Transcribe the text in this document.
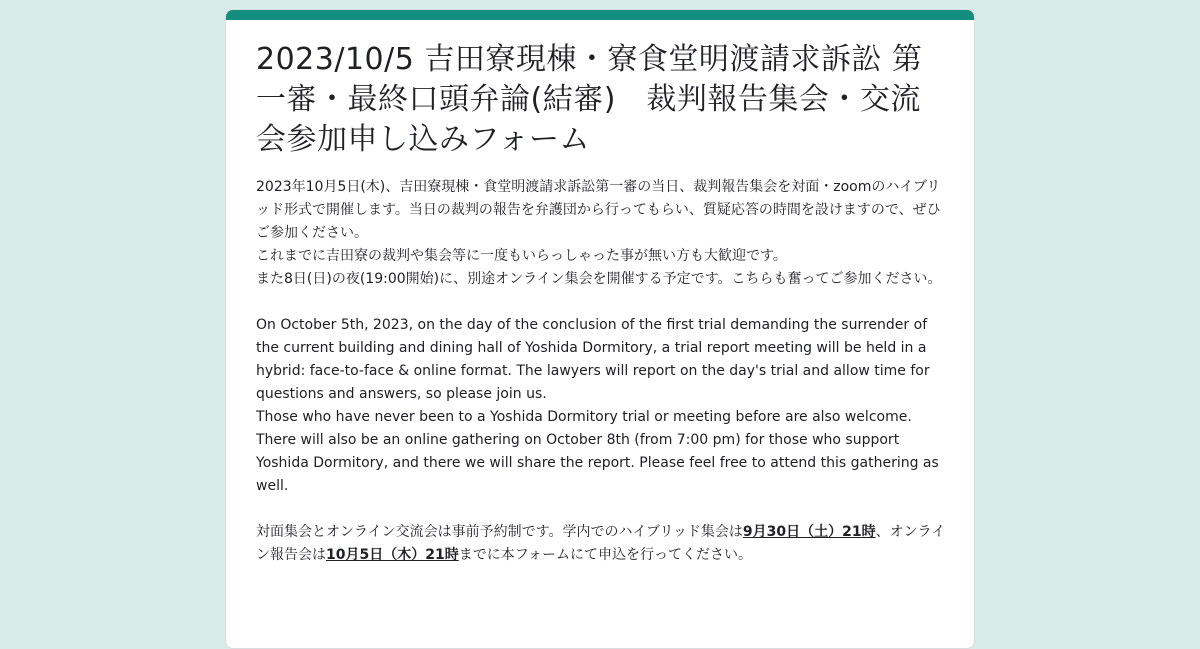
2023/10/5 吉田寮現棟・寮食堂明渡請求訴訟 第一審・最終口頭弁論(結審)　裁判報告集会・交流会参加申し込みフォーム

2023年10月5日(木)、吉田寮現棟・食堂明渡請求訴訟第一審の当日、裁判報告集会を対面・zoomのハイブリッド形式で開催します。当日の裁判の報告を弁護団から行ってもらい、質疑応答の時間を設けますので、ぜひご参加ください。

これまでに吉田寮の裁判や集会等に一度もいらっしゃった事が無い方も大歓迎です。

また8日(日)の夜(19:00開始)に、別途オンライン集会を開催する予定です。こちらも奮ってご参加ください。

On October 5th, 2023, on the day of the conclusion of the first trial demanding the surrender of the current building and dining hall of Yoshida Dormitory, a trial report meeting will be held in a hybrid: face-to-face & online format. The lawyers will report on the day's trial and allow time for questions and answers, so please join us.

Those who have never been to a Yoshida Dormitory trial or meeting before are also welcome.

There will also be an online gathering on October 8th (from 7:00 pm) for those who support Yoshida Dormitory, and there we will share the report. Please feel free to attend this gathering as well.

対面集会とオンライン交流会は事前予約制です。学内でのハイブリッド集会は9月30日（土）21時、オンライン報告会は10月5日（木）21時までに本フォームにて申込を行ってください。
